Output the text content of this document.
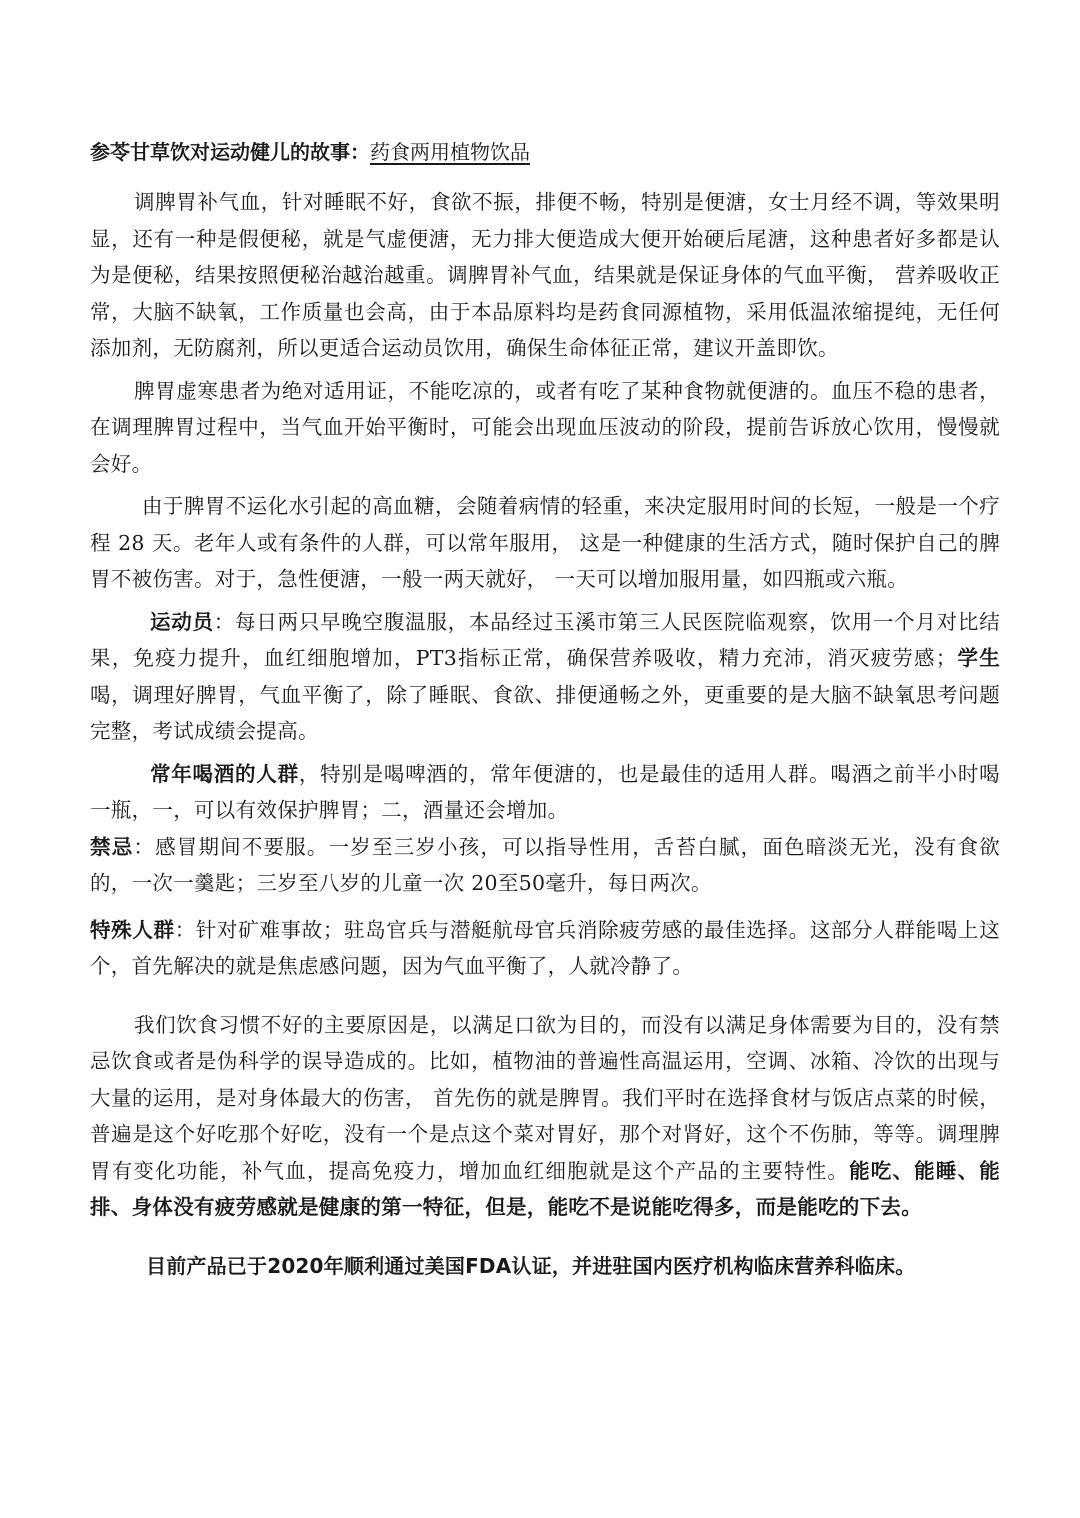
参苓甘草饮对运动健儿的故事：药食两用植物饮品

调脾胃补气血，针对睡眠不好，食欲不振，排便不畅，特别是便溏，女士月经不调，等效果明显，还有一种是假便秘，就是气虚便溏，无力排大便造成大便开始硬后尾溏，这种患者好多都是认为是便秘，结果按照便秘治越治越重。调脾胃补气血，结果就是保证身体的气血平衡， 营养吸收正常，大脑不缺氧，工作质量也会高，由于本品原料均是药食同源植物，采用低温浓缩提纯，无任何添加剂，无防腐剂，所以更适合运动员饮用，确保生命体征正常，建议开盖即饮。

脾胃虚寒患者为绝对适用证，不能吃凉的，或者有吃了某种食物就便溏的。血压不稳的患者，在调理脾胃过程中，当气血开始平衡时，可能会出现血压波动的阶段，提前告诉放心饮用，慢慢就会好。

由于脾胃不运化水引起的高血糖，会随着病情的轻重，来决定服用时间的长短，一般是一个疗程 28 天。老年人或有条件的人群，可以常年服用， 这是一种健康的生活方式，随时保护自己的脾胃不被伤害。对于，急性便溏，一般一两天就好， 一天可以增加服用量，如四瓶或六瓶。

运动员：每日两只早晚空腹温服，本品经过玉溪市第三人民医院临观察，饮用一个月对比结果，免疫力提升，血红细胞增加，PT3指标正常，确保营养吸收，精力充沛，消灭疲劳感；学生喝，调理好脾胃，气血平衡了，除了睡眠、食欲、排便通畅之外，更重要的是大脑不缺氧思考问题完整，考试成绩会提高。

常年喝酒的人群，特别是喝啤酒的，常年便溏的，也是最佳的适用人群。喝酒之前半小时喝一瓶，一，可以有效保护脾胃；二，酒量还会增加。

禁忌：感冒期间不要服。一岁至三岁小孩，可以指导性用，舌苔白腻，面色暗淡无光，没有食欲的，一次一羹匙；三岁至八岁的儿童一次 20至50毫升，每日两次。

特殊人群：针对矿难事故；驻岛官兵与潜艇航母官兵消除疲劳感的最佳选择。这部分人群能喝上这个，首先解决的就是焦虑感问题，因为气血平衡了，人就冷静了。

我们饮食习惯不好的主要原因是，以满足口欲为目的，而没有以满足身体需要为目的，没有禁忌饮食或者是伪科学的误导造成的。比如，植物油的普遍性高温运用，空调、冰箱、冷饮的出现与大量的运用，是对身体最大的伤害， 首先伤的就是脾胃。我们平时在选择食材与饭店点菜的时候，普遍是这个好吃那个好吃，没有一个是点这个菜对胃好，那个对肾好，这个不伤肺，等等。调理脾胃有变化功能，补气血，提高免疫力，增加血红细胞就是这个产品的主要特性。能吃、能睡、能排、身体没有疲劳感就是健康的第一特征，但是，能吃不是说能吃得多，而是能吃的下去。

目前产品已于2020年顺利通过美国FDA认证，并进驻国内医疗机构临床营养科临床。
